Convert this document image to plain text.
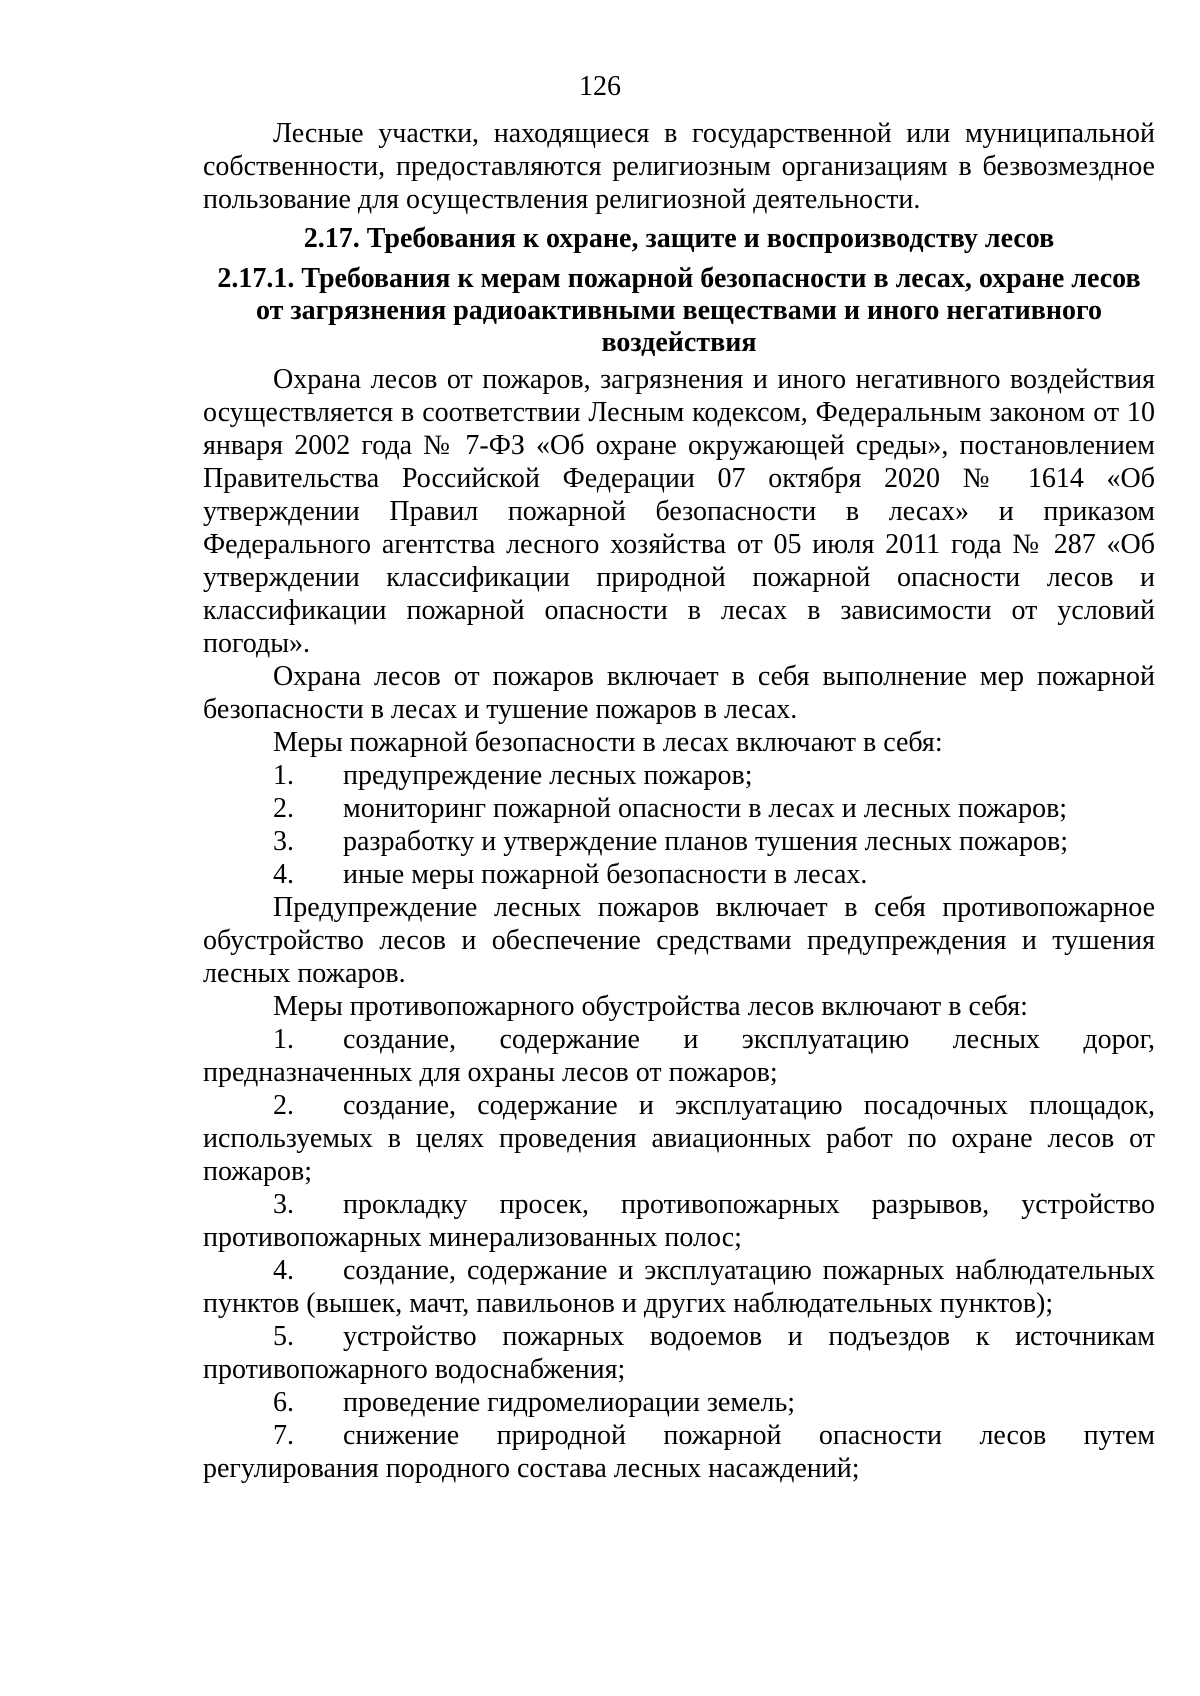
126

Лесные участки, находящиеся в государственной или муниципальной собственности, предоставляются религиозным организациям в безвозмездное пользование для осуществления религиозной деятельности.

2.17. Требования к охране, защите и воспроизводству лесов

2.17.1. Требования к мерам пожарной безопасности в лесах, охране лесов от загрязнения радиоактивными веществами и иного негативного воздействия

Охрана лесов от пожаров, загрязнения и иного негативного воздействия осуществляется в соответствии Лесным кодексом, Федеральным законом от 10 января 2002 года № 7-ФЗ «Об охране окружающей среды», постановлением Правительства Российской Федерации 07 октября 2020 № 1614 «Об утверждении Правил пожарной безопасности в лесах» и приказом Федерального агентства лесного хозяйства от 05 июля 2011 года № 287 «Об утверждении классификации природной пожарной опасности лесов и классификации пожарной опасности в лесах в зависимости от условий погоды».

Охрана лесов от пожаров включает в себя выполнение мер пожарной безопасности в лесах и тушение пожаров в лесах.

Меры пожарной безопасности в лесах включают в себя:

1.	предупреждение лесных пожаров;
2.	мониторинг пожарной опасности в лесах и лесных пожаров;
3.	разработку и утверждение планов тушения лесных пожаров;
4.	иные меры пожарной безопасности в лесах.

Предупреждение лесных пожаров включает в себя противопожарное обустройство лесов и обеспечение средствами предупреждения и тушения лесных пожаров.

Меры противопожарного обустройства лесов включают в себя:

1. создание, содержание и эксплуатацию лесных дорог, предназначенных для охраны лесов от пожаров;

2. создание, содержание и эксплуатацию посадочных площадок, используемых в целях проведения авиационных работ по охране лесов от пожаров;

3. прокладку просек, противопожарных разрывов, устройство противопожарных минерализованных полос;

4. создание, содержание и эксплуатацию пожарных наблюдательных пунктов (вышек, мачт, павильонов и других наблюдательных пунктов);

5. устройство пожарных водоемов и подъездов к источникам противопожарного водоснабжения;

6. проведение гидромелиорации земель;

7. снижение природной пожарной опасности лесов путем регулирования породного состава лесных насаждений;
